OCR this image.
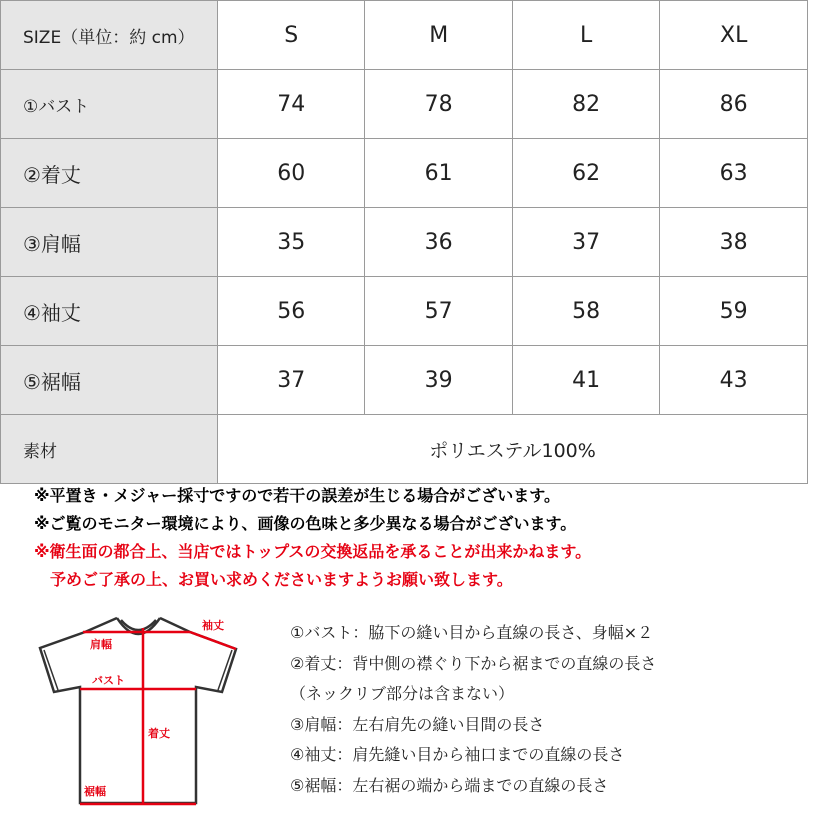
SIZE（単位：約 cm）	S	M	L	XL
①バスト	74	78	82	86
②着丈	60	61	62	63
③肩幅	35	36	37	38
④袖丈	56	57	58	59
⑤裾幅	37	39	41	43
素材	ポリエステル100%			
※平置き・メジャー採寸ですので若干の誤差が生じる場合がございます。
※ご覧のモニター環境により、画像の色味と多少異なる場合がございます。
※衛生面の都合上、当店ではトップスの交換返品を承ることが出来かねます。
　予めご了承の上、お買い求めくださいますようお願い致します。
肩幅
バスト
着丈
裾幅
袖丈	①バスト：脇下の縫い目から直線の長さ、身幅×２
②着丈：背中側の襟ぐり下から裾までの直線の長さ
（ネックリブ部分は含まない）
③肩幅：左右肩先の縫い目間の長さ
④袖丈：肩先縫い目から袖口までの直線の長さ
⑤裾幅：左右裾の端から端までの直線の長さ
